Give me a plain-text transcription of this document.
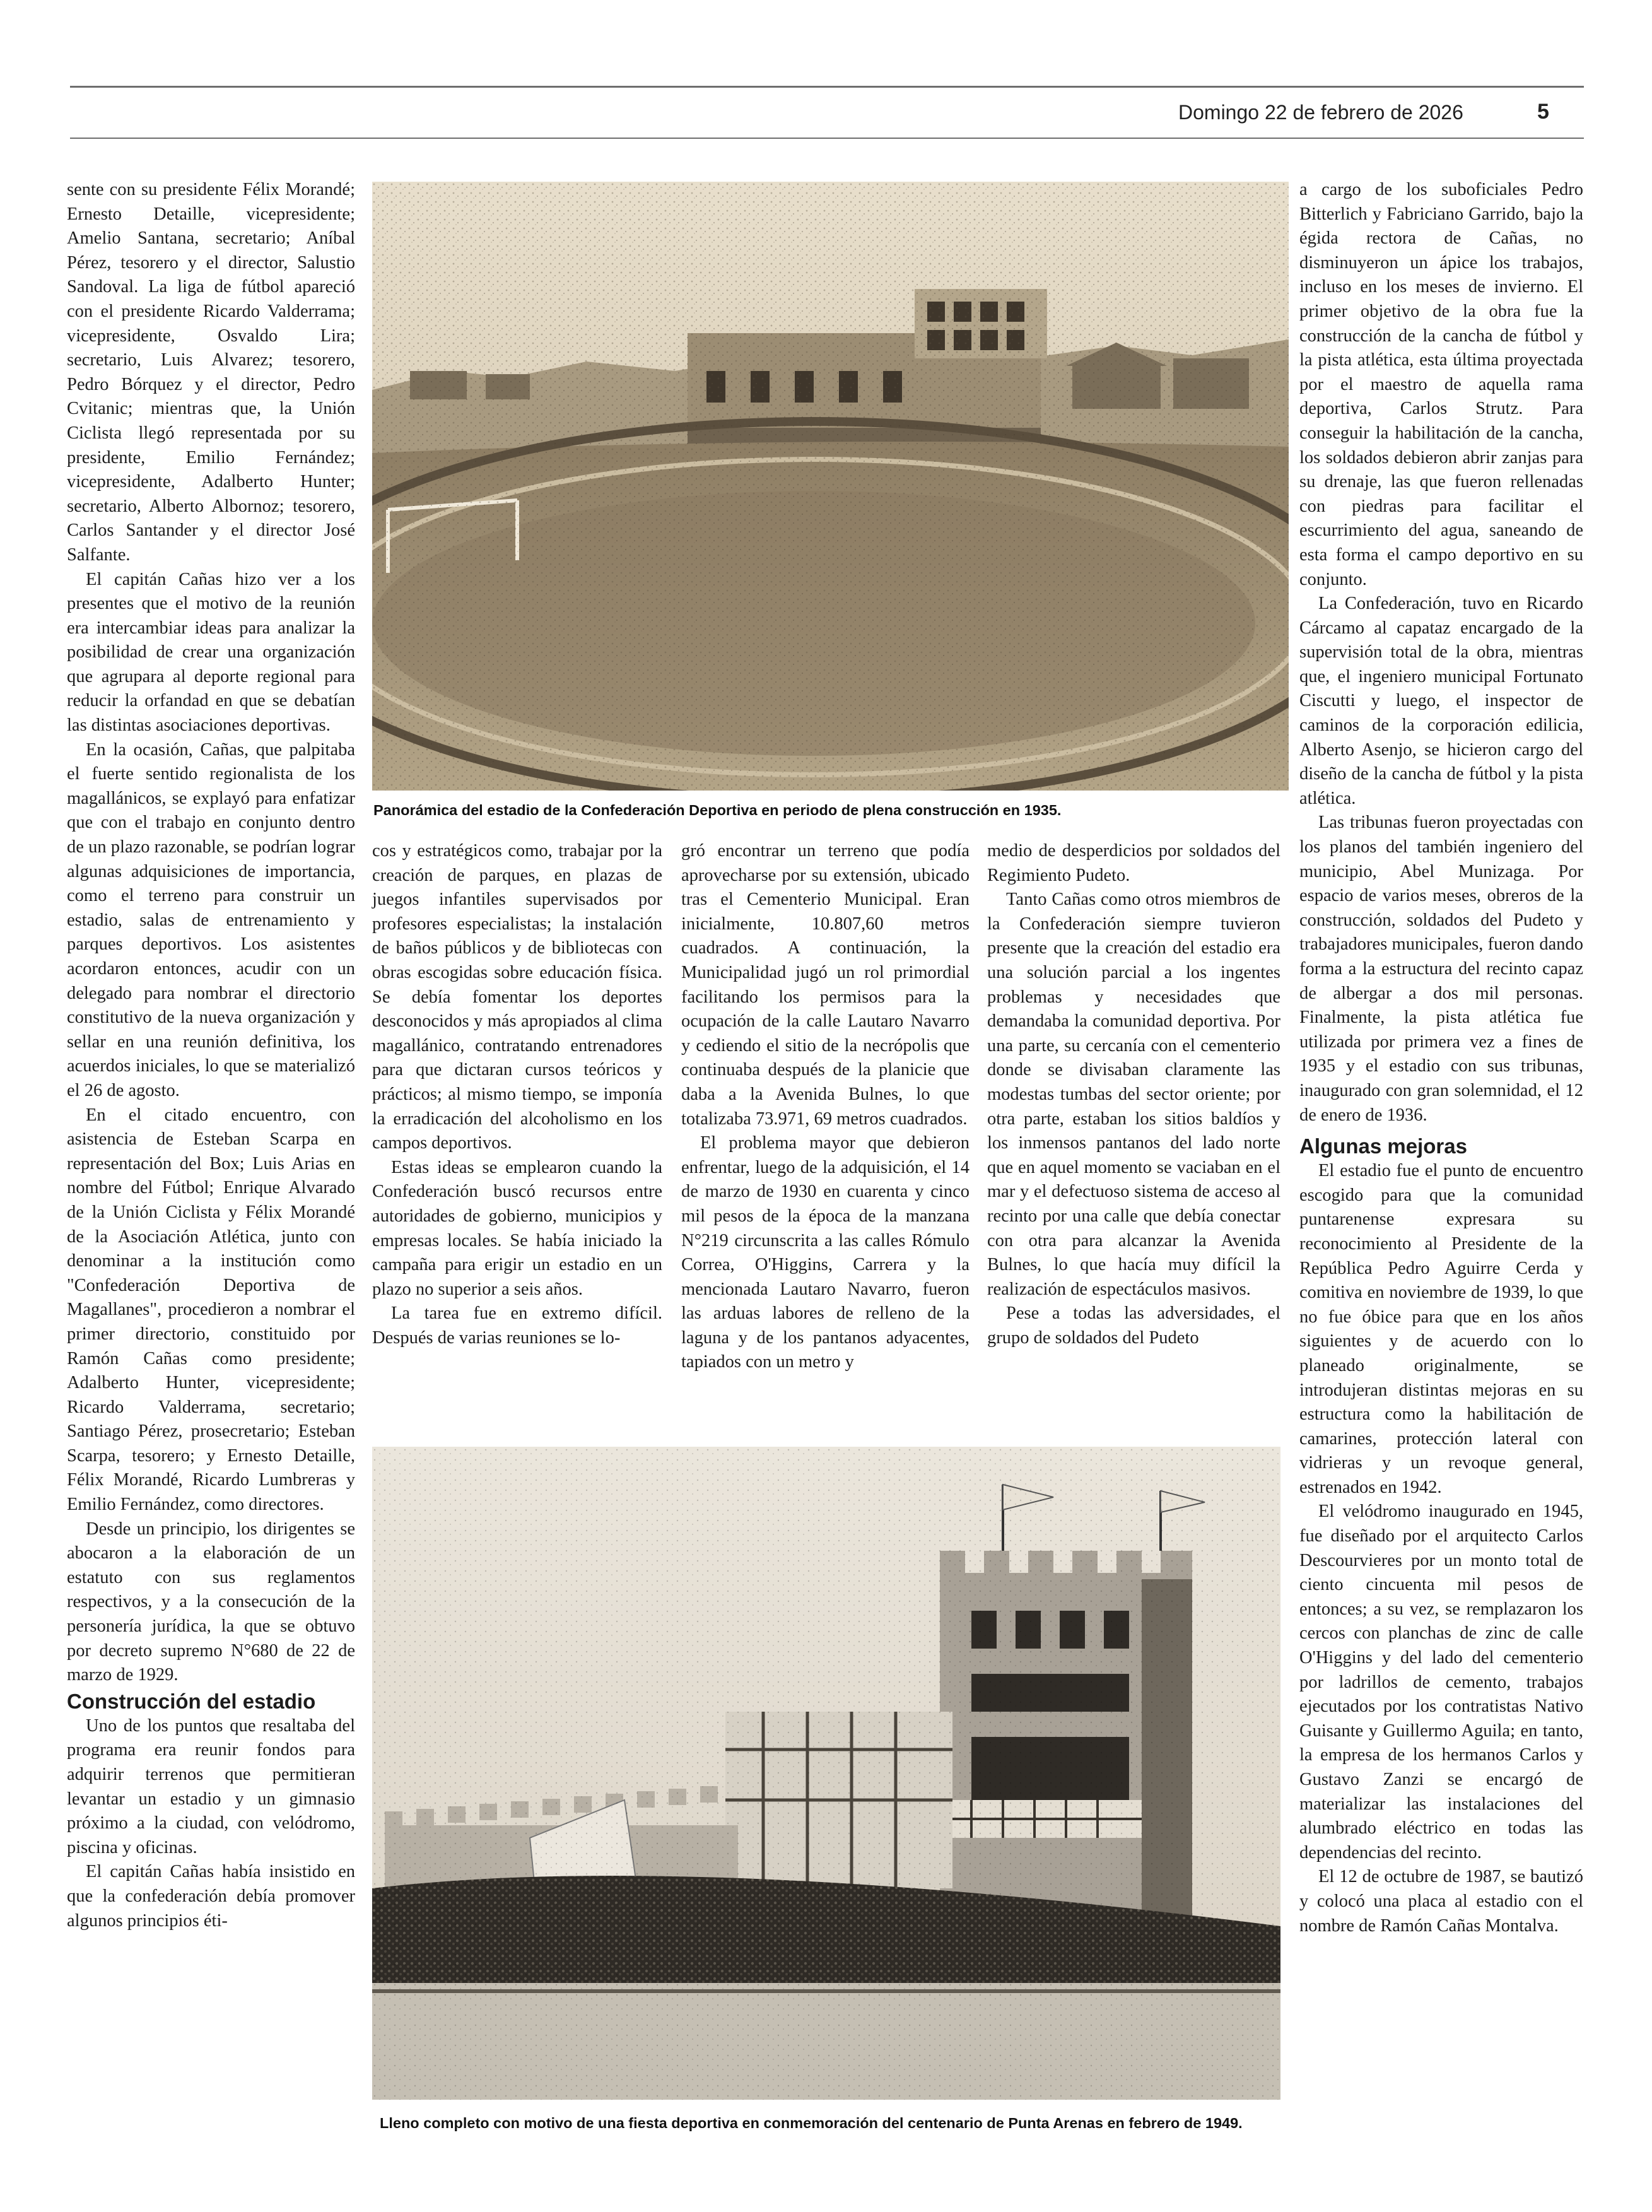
Domingo 22 de febrero de 2026	5

sente con su presidente Félix Morandé; Ernesto Detaille, vicepresidente; Amelio Santana, secretario; Aníbal Pérez, tesorero y el director, Salustio Sandoval. La liga de fútbol apareció con el presidente Ricardo Valderrama; vicepresidente, Osvaldo Lira; secretario, Luis Alvarez; tesorero, Pedro Bórquez y el director, Pedro Cvitanic; mientras que, la Unión Ciclista llegó representada por su presidente, Emilio Fernández; vicepresidente, Adalberto Hunter; secretario, Alberto Albornoz; tesorero, Carlos Santander y el director José Salfante.

El capitán Cañas hizo ver a los presentes que el motivo de la reunión era intercambiar ideas para analizar la posibilidad de crear una organización que agrupara al deporte regional para reducir la orfandad en que se debatían las distintas asociaciones deportivas.

En la ocasión, Cañas, que palpitaba el fuerte sentido regionalista de los magallánicos, se explayó para enfatizar que con el trabajo en conjunto dentro de un plazo razonable, se podrían lograr algunas adquisiciones de importancia, como el terreno para construir un estadio, salas de entrenamiento y parques deportivos. Los asistentes acordaron entonces, acudir con un delegado para nombrar el directorio constitutivo de la nueva organización y sellar en una reunión definitiva, los acuerdos iniciales, lo que se materializó el 26 de agosto.

En el citado encuentro, con asistencia de Esteban Scarpa en representación del Box; Luis Arias en nombre del Fútbol; Enrique Alvarado de la Unión Ciclista y Félix Morandé de la Asociación Atlética, junto con denominar a la institución como "Confederación Deportiva de Magallanes", procedieron a nombrar el primer directorio, constituido por Ramón Cañas como presidente; Adalberto Hunter, vicepresidente; Ricardo Valderrama, secretario; Santiago Pérez, prosecretario; Esteban Scarpa, tesorero; y Ernesto Detaille, Félix Morandé, Ricardo Lumbreras y Emilio Fernández, como directores.

Desde un principio, los dirigentes se abocaron a la elaboración de un estatuto con sus reglamentos respectivos, y a la consecución de la personería jurídica, la que se obtuvo por decreto supremo N°680 de 22 de marzo de 1929.

Construcción del estadio

Uno de los puntos que resaltaba del programa era reunir fondos para adquirir terrenos que permitieran levantar un estadio y un gimnasio próximo a la ciudad, con velódromo, piscina y oficinas.

El capitán Cañas había insistido en que la confederación debía promover algunos principios éti-

Panorámica del estadio de la Confederación Deportiva en periodo de plena construcción en 1935.

cos y estratégicos como, trabajar por la creación de parques, en plazas de juegos infantiles supervisados por profesores especialistas; la instalación de baños públicos y de bibliotecas con obras escogidas sobre educación física. Se debía fomentar los deportes desconocidos y más apropiados al clima magallánico, contratando entrenadores para que dictaran cursos teóricos y prácticos; al mismo tiempo, se imponía la erradicación del alcoholismo en los campos deportivos.

Estas ideas se emplearon cuando la Confederación buscó recursos entre autoridades de gobierno, municipios y empresas locales. Se había iniciado la campaña para erigir un estadio en un plazo no superior a seis años.

La tarea fue en extremo difícil. Después de varias reuniones se lo-

gró encontrar un terreno que podía aprovecharse por su extensión, ubicado tras el Cementerio Municipal. Eran inicialmente, 10.807,60 metros cuadrados. A continuación, la Municipalidad jugó un rol primordial facilitando los permisos para la ocupación de la calle Lautaro Navarro y cediendo el sitio de la necrópolis que continuaba después de la planicie que daba a la Avenida Bulnes, lo que totalizaba 73.971, 69 metros cuadrados.

El problema mayor que debieron enfrentar, luego de la adquisición, el 14 de marzo de 1930 en cuarenta y cinco mil pesos de la época de la manzana N°219 circunscrita a las calles Rómulo Correa, O'Higgins, Carrera y la mencionada Lautaro Navarro, fueron las arduas labores de relleno de la laguna y de los pantanos adyacentes, tapiados con un metro y

medio de desperdicios por soldados del Regimiento Pudeto.

Tanto Cañas como otros miembros de la Confederación siempre tuvieron presente que la creación del estadio era una solución parcial a los ingentes problemas y necesidades que demandaba la comunidad deportiva. Por una parte, su cercanía con el cementerio donde se divisaban claramente las modestas tumbas del sector oriente; por otra parte, estaban los sitios baldíos y los inmensos pantanos del lado norte que en aquel momento se vaciaban en el mar y el defectuoso sistema de acceso al recinto por una calle que debía conectar con otra para alcanzar la Avenida Bulnes, lo que hacía muy difícil la realización de espectáculos masivos.

Pese a todas las adversidades, el grupo de soldados del Pudeto

Lleno completo con motivo de una fiesta deportiva en conmemoración del centenario de Punta Arenas en febrero de 1949.

a cargo de los suboficiales Pedro Bitterlich y Fabriciano Garrido, bajo la égida rectora de Cañas, no disminuyeron un ápice los trabajos, incluso en los meses de invierno. El primer objetivo de la obra fue la construcción de la cancha de fútbol y la pista atlética, esta última proyectada por el maestro de aquella rama deportiva, Carlos Strutz. Para conseguir la habilitación de la cancha, los soldados debieron abrir zanjas para su drenaje, las que fueron rellenadas con piedras para facilitar el escurrimiento del agua, saneando de esta forma el campo deportivo en su conjunto.

La Confederación, tuvo en Ricardo Cárcamo al capataz encargado de la supervisión total de la obra, mientras que, el ingeniero municipal Fortunato Ciscutti y luego, el inspector de caminos de la corporación edilicia, Alberto Asenjo, se hicieron cargo del diseño de la cancha de fútbol y la pista atlética.

Las tribunas fueron proyectadas con los planos del también ingeniero del municipio, Abel Munizaga. Por espacio de varios meses, obreros de la construcción, soldados del Pudeto y trabajadores municipales, fueron dando forma a la estructura del recinto capaz de albergar a dos mil personas. Finalmente, la pista atlética fue utilizada por primera vez a fines de 1935 y el estadio con sus tribunas, inaugurado con gran solemnidad, el 12 de enero de 1936.

Algunas mejoras

El estadio fue el punto de encuentro escogido para que la comunidad puntarenense expresara su reconocimiento al Presidente de la República Pedro Aguirre Cerda y comitiva en noviembre de 1939, lo que no fue óbice para que en los años siguientes y de acuerdo con lo planeado originalmente, se introdujeran distintas mejoras en su estructura como la habilitación de camarines, protección lateral con vidrieras y un revoque general, estrenados en 1942.

El velódromo inaugurado en 1945, fue diseñado por el arquitecto Carlos Descourvieres por un monto total de ciento cincuenta mil pesos de entonces; a su vez, se remplazaron los cercos con planchas de zinc de calle O'Higgins y del lado del cementerio por ladrillos de cemento, trabajos ejecutados por los contratistas Nativo Guisante y Guillermo Aguila; en tanto, la empresa de los hermanos Carlos y Gustavo Zanzi se encargó de materializar las instalaciones del alumbrado eléctrico en todas las dependencias del recinto.

El 12 de octubre de 1987, se bautizó y colocó una placa al estadio con el nombre de Ramón Cañas Montalva.
